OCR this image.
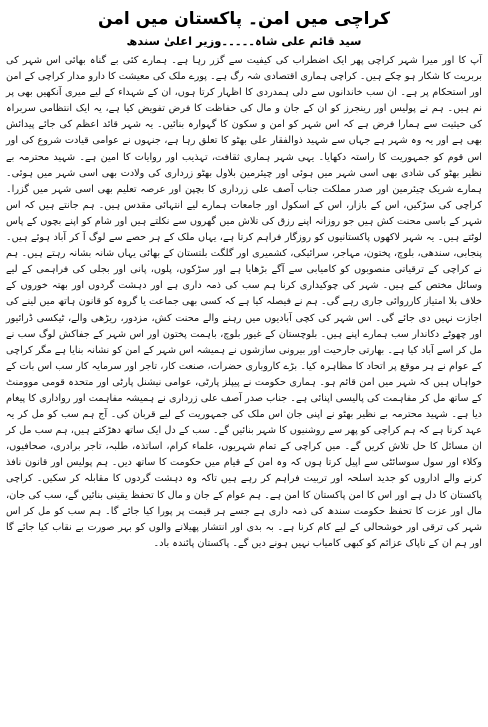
کراچی میں امن۔ پاکستان میں امن
سید قائم علی شاہ۔۔۔۔۔وزیر اعلیٰ سندھ

آپ کا اور میرا شہر کراچی پھر ایک اضطراب کی کیفیت سے گزر رہا ہے۔ ہمارے کئی بے گناہ بھائی اس شہر کی بربریت کا شکار ہو چکے ہیں۔ کراچی ہماری اقتصادی شہ رگ ہے۔ پورے ملک کی معیشت کا دارو مدار کراچی کے امن اور استحکام پر ہے۔ ان سب خاندانوں سے دلی ہمدردی کا اظہار کرتا ہوں، ان کے شہداء کے لیے میری آنکھیں بھی پر نم ہیں۔ ہم نے پولیس اور رینجرز کو ان کے جان و مال کی حفاظت کا فرض تفویض کیا ہے، یہ ایک انتظامی سربراہ کی حیثیت سے ہمارا فرض ہے کہ اس شہر کو امن و سکون کا گہوارہ بنائیں۔ یہ شہر قائد اعظم کی جائے پیدائش بھی ہے اور یہ وہ شہر ہے جہاں سے شہید ذوالفقار علی بھٹو کا تعلق رہا ہے، جنہوں نے عوامی قیادت شروع کی اور اس قوم کو جمہوریت کا راستہ دکھایا۔ یہی شہر ہماری ثقافت، تہذیب اور روایات کا امین ہے۔ شہید محترمہ بے نظیر بھٹو کی شادی بھی اسی شہر میں ہوئی اور چیئرمین بلاول بھٹو زرداری کی ولادت بھی اسی شہر میں ہوئی۔ ہمارے شریک چیئرمین اور صدر مملکت جناب آصف علی زرداری کا بچپن اور عرصہ تعلیم بھی اسی شہر میں گزرا۔ کراچی کی سڑکیں، اس کے بازار، اس کے اسکول اور جامعات ہمارے لیے انتہائی مقدس ہیں۔ ہم جانتے ہیں کہ اس شہر کے باسی محنت کش ہیں جو روزانہ اپنے رزق کی تلاش میں گھروں سے نکلتے ہیں اور شام کو اپنے بچوں کے پاس لوٹتے ہیں۔ یہ شہر لاکھوں پاکستانیوں کو روزگار فراہم کرتا ہے، یہاں ملک کے ہر حصے سے لوگ آ کر آباد ہوئے ہیں۔ پنجابی، سندھی، بلوچ، پختون، مہاجر، سرائیکی، کشمیری اور گلگت بلتستان کے بھائی یہاں شانہ بشانہ رہتے ہیں۔ ہم نے کراچی کے ترقیاتی منصوبوں کو کامیابی سے آگے بڑھایا ہے اور سڑکوں، پلوں، پانی اور بجلی کی فراہمی کے لیے وسائل مختص کیے ہیں۔ شہر کی چوکیداری کرنا ہم سب کی ذمہ داری ہے اور دہشت گردوں اور بھتہ خوروں کے خلاف بلا امتیاز کارروائی جاری رہے گی۔ ہم نے فیصلہ کیا ہے کہ کسی بھی جماعت یا گروہ کو قانون ہاتھ میں لینے کی اجازت نہیں دی جائے گی۔ اس شہر کی کچی آبادیوں میں رہنے والے محنت کش، مزدور، ریڑھی والے، ٹیکسی ڈرائیور اور چھوٹے دکاندار سب ہمارے اپنے ہیں۔ بلوچستان کے غیور بلوچ، باہمت پختون اور اس شہر کے جفاکش لوگ سب نے مل کر اسے آباد کیا ہے۔ بھارتی جارحیت اور بیرونی سازشوں نے ہمیشہ اس شہر کے امن کو نشانہ بنایا ہے مگر کراچی کے عوام نے ہر موقع پر اتحاد کا مظاہرہ کیا۔ بڑے کاروباری حضرات، صنعت کار، تاجر اور سرمایہ کار سب اس بات کے خواہاں ہیں کہ شہر میں امن قائم ہو۔ ہماری حکومت نے پیپلز پارٹی، عوامی نیشنل پارٹی اور متحدہ قومی موومنٹ کے ساتھ مل کر مفاہمت کی پالیسی اپنائی ہے۔ جناب صدر آصف علی زرداری نے ہمیشہ مفاہمت اور رواداری کا پیغام دیا ہے۔ شہید محترمہ بے نظیر بھٹو نے اپنی جان اس ملک کی جمہوریت کے لیے قربان کی۔ آج ہم سب کو مل کر یہ عہد کرنا ہے کہ ہم کراچی کو پھر سے روشنیوں کا شہر بنائیں گے۔ سب کے دل ایک ساتھ دھڑکتے ہیں، ہم سب مل کر ان مسائل کا حل تلاش کریں گے۔ میں کراچی کے تمام شہریوں، علماء کرام، اساتذہ، طلبہ، تاجر برادری، صحافیوں، وکلاء اور سول سوسائٹی سے اپیل کرتا ہوں کہ وہ امن کے قیام میں حکومت کا ساتھ دیں۔ ہم پولیس اور قانون نافذ کرنے والے اداروں کو جدید اسلحہ اور تربیت فراہم کر رہے ہیں تاکہ وہ دہشت گردوں کا مقابلہ کر سکیں۔ کراچی پاکستان کا دل ہے اور اس کا امن پاکستان کا امن ہے۔ ہم عوام کے جان و مال کا تحفظ یقینی بنائیں گے، سب کی جان، مال اور عزت کا تحفظ حکومت سندھ کی ذمہ داری ہے جسے ہر قیمت پر پورا کیا جائے گا۔ ہم سب کو مل کر اس شہر کی ترقی اور خوشحالی کے لیے کام کرنا ہے۔ بہ بدی اور انتشار پھیلانے والوں کو بہر صورت بے نقاب کیا جائے گا اور ہم ان کے ناپاک عزائم کو کبھی کامیاب نہیں ہونے دیں گے۔ پاکستان پائندہ باد۔
